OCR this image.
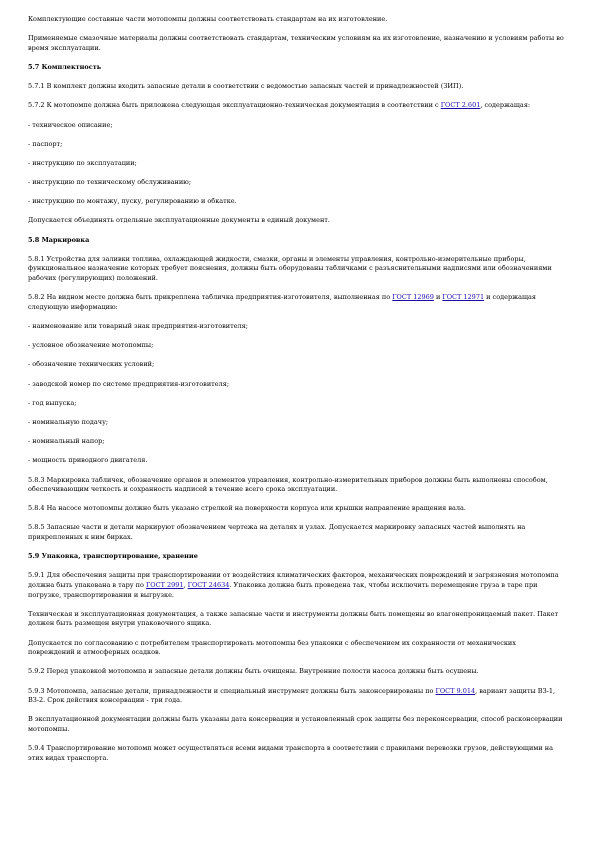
Комплектующие составные части мотопомпы должны соответствовать стандартам на их изготовление.
Применяемые смазочные материалы должны соответствовать стандартам, техническим условиям на их изготовление, назначению и условиям работы во время эксплуатации.
5.7 Комплектность
5.7.1 В комплект должны входить запасные детали в соответствии с ведомостью запасных частей и принадлежностей (ЗИП).
5.7.2 К мотопомпе должна быть приложена следующая эксплуатационно-техническая документация в соответствии с ГОСТ 2.601, содержащая:
- техническое описание;
- паспорт;
- инструкцию по эксплуатации;
- инструкцию по техническому обслуживанию;
- инструкцию по монтажу, пуску, регулированию и обкатке.
Допускается объединять отдельные эксплуатационные документы в единый документ.
5.8 Маркировка
5.8.1 Устройства для заливки топлива, охлаждающей жидкости, смазки, органы и элементы управления, контрольно-измерительные приборы, функциональное назначение которых требует пояснения, должны быть оборудованы табличками с разъяснительными надписями или обозначениями рабочих (регулирующих) положений.
5.8.2 На видном месте должна быть прикреплена табличка предприятия-изготовителя, выполненная по ГОСТ 12969 и ГОСТ 12971 и содержащая следующую информацию:
- наименование или товарный знак предприятия-изготовителя;
- условное обозначение мотопомпы;
- обозначение технических условий;
- заводской номер по системе предприятия-изготовителя;
- год выпуска;
- номинальную подачу;
- номинальный напор;
- мощность приводного двигателя.
5.8.3 Маркировка табличек, обозначение органов и элементов управления, контрольно-измерительных приборов должны быть выполнены способом, обеспечивающим четкость и сохранность надписей в течение всего срока эксплуатации.
5.8.4 На насосе мотопомпы должно быть указано стрелкой на поверхности корпуса или крышки направление вращения вала.
5.8.5 Запасные части и детали маркируют обозначением чертежа на деталях и узлах. Допускается маркировку запасных частей выполнять на прикрепленных к ним бирках.
5.9 Упаковка, транспортирование, хранение
5.9.1 Для обеспечения защиты при транспортировании от воздействия климатических факторов, механических повреждений и загрязнения мотопомпа должна быть упакована в тару по ГОСТ 2991, ГОСТ 24634. Упаковка должна быть проведена так, чтобы исключить перемещение груза в таре при погрузке, транспортировании и выгрузке.
Техническая и эксплуатационная документация, а также запасные части и инструменты должны быть помещены во влагонепроницаемый пакет. Пакет должен быть размещен внутри упаковочного ящика.
Допускается по согласованию с потребителем транспортировать мотопомпы без упаковки с обеспечением их сохранности от механических повреждений и атмосферных осадков.
5.9.2 Перед упаковкой мотопомпа и запасные детали должны быть очищены. Внутренние полости насоса должны быть осушены.
5.9.3 Мотопомпа, запасные детали, принадлежности и специальный инструмент должны быть законсервированы по ГОСТ 9.014, вариант защиты ВЗ-1, ВЗ-2. Срок действия консервации - три года.
В эксплуатационной документации должны быть указаны дата консервации и установленный срок защиты без переконсервации, способ расконсервации мотопомпы.
5.9.4 Транспортирование мотопомп может осуществляться всеми видами транспорта в соответствии с правилами перевозки грузов, действующими на этих видах транспорта.
